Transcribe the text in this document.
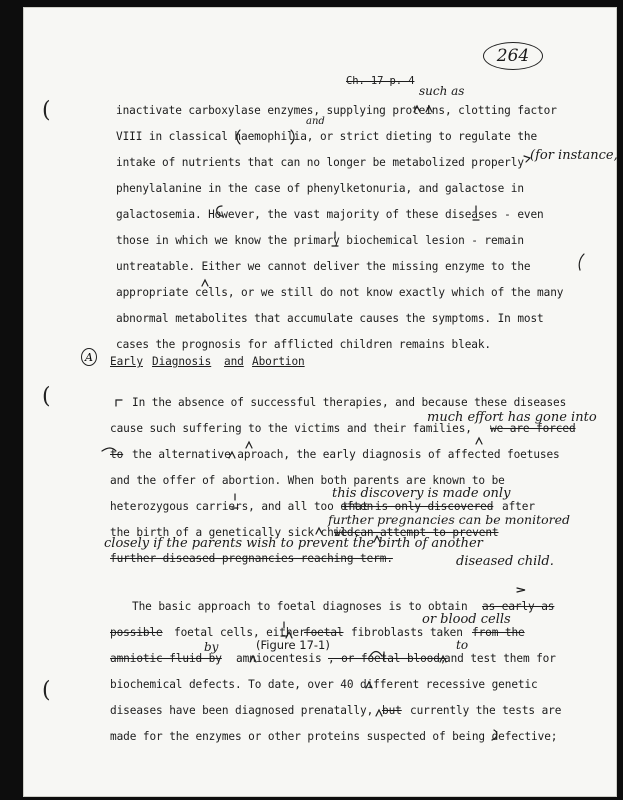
264
Ch. 17 p. 4
(
(
(
inactivate carboxylase enzymes, supplying proteins, clotting factor
VIII in classical haemophilia, or strict dieting to regulate the
intake of nutrients that can no longer be metabolized properly
phenylalanine in the case of phenylketonuria, and galactose in
galactosemia. However, the vast majority of these diseases - even
those in which we know the primary biochemical lesion - remain
untreatable. Either we cannot deliver the missing enzyme to the
appropriate cells, or we still do not know exactly which of the many
abnormal metabolites that accumulate causes the symptoms. In most
cases the prognosis for afflicted children remains bleak.
such as
and
(for instance,
A	Early Diagnosis and Abortion
In the absence of successful therapies, and because these diseases
cause such suffering to the victims and their families, we are forced
to the alternative aproach, the early diagnosis of affected foetuses
and the offer of abortion. When both parents are known to be
heterozygous carriers, and all too often
that is only discovered after
the birth of a genetically sick child,
we can attempt to prevent
further diseased pregnancies reaching term.
much effort has gone into
this discovery is made only
further pregnancies can be monitored
closely if the parents wish to prevent the birth of another
diseased child.
The basic approach to foetal diagnoses is to obtain as early as
possible foetal cells, either
foetal fibroblasts taken from the
amniotic fluid by amniocentesis , or foetal blood,
and test them for
biochemical defects. To date, over 40 different recessive genetic
diseases have been diagnosed prenatally, but currently the tests are
made for the enzymes or other proteins suspected of being defective;
or blood cells
by	(Figure 17-1)	to
